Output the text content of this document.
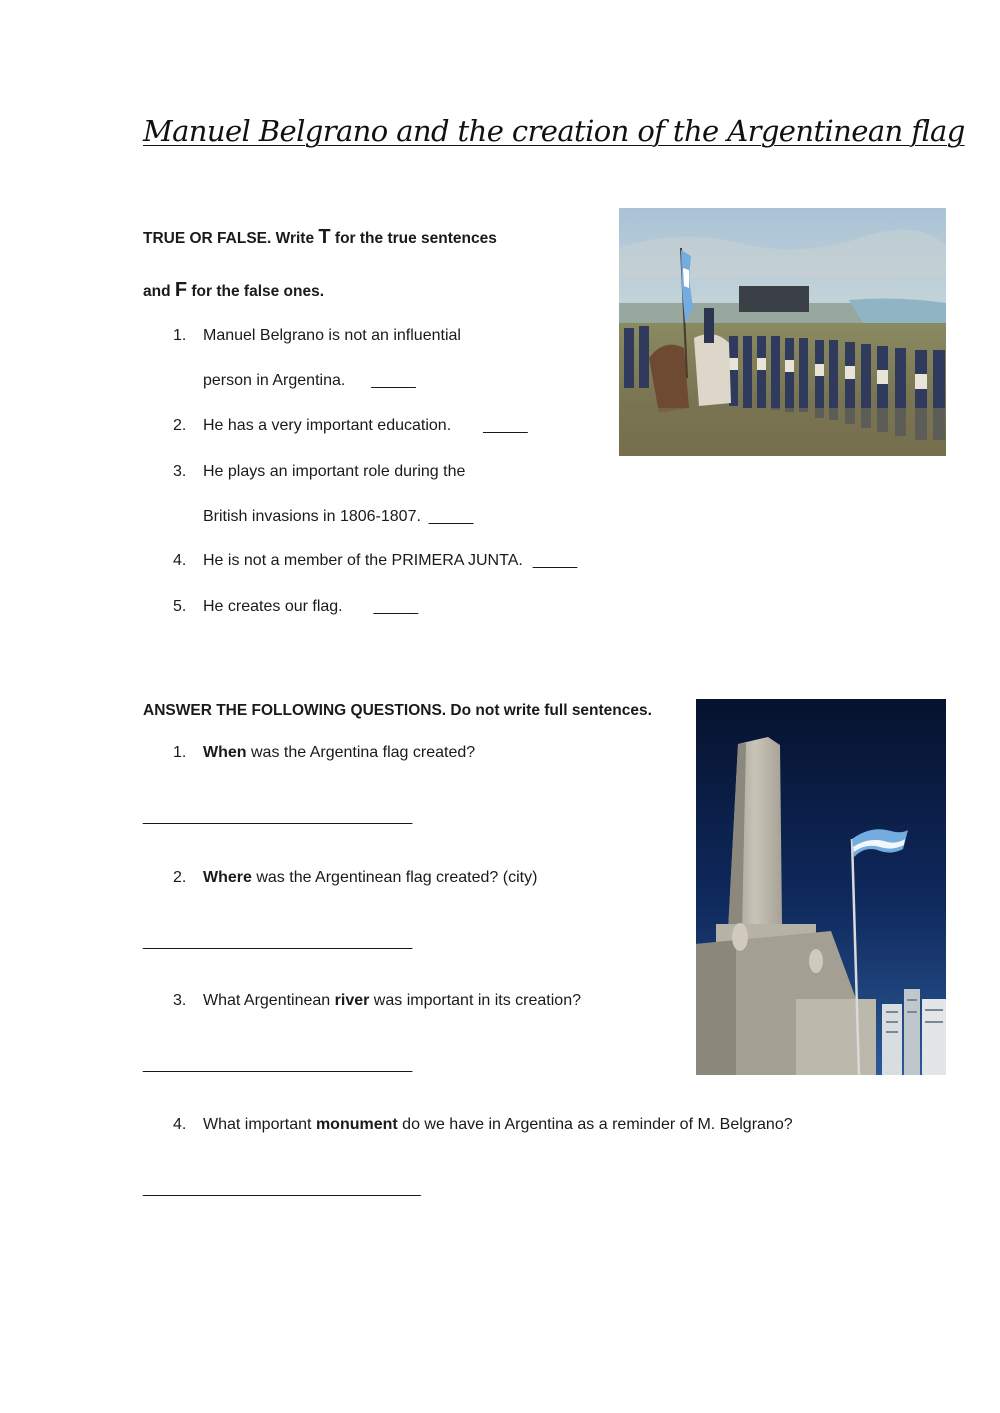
Manuel Belgrano and the creation of the Argentinean flag
TRUE OR FALSE. Write T for the true sentences
and F for the false ones.
1. Manuel Belgrano is not an influential
person in Argentina. _____
2. He has a very important education. _____
3. He plays an important role during the
British invasions in 1806-1807. _____
4. He is not a member of the PRIMERA JUNTA. _____
5. He creates our flag. _____
ANSWER THE FOLLOWING QUESTIONS. Do not write full sentences.
1. When was the Argentina flag created?
________________________________
2. Where was the Argentinean flag created? (city)
________________________________
3. What Argentinean river was important in its creation?
________________________________
4. What important monument do we have in Argentina as a reminder of M. Belgrano?
_________________________________
